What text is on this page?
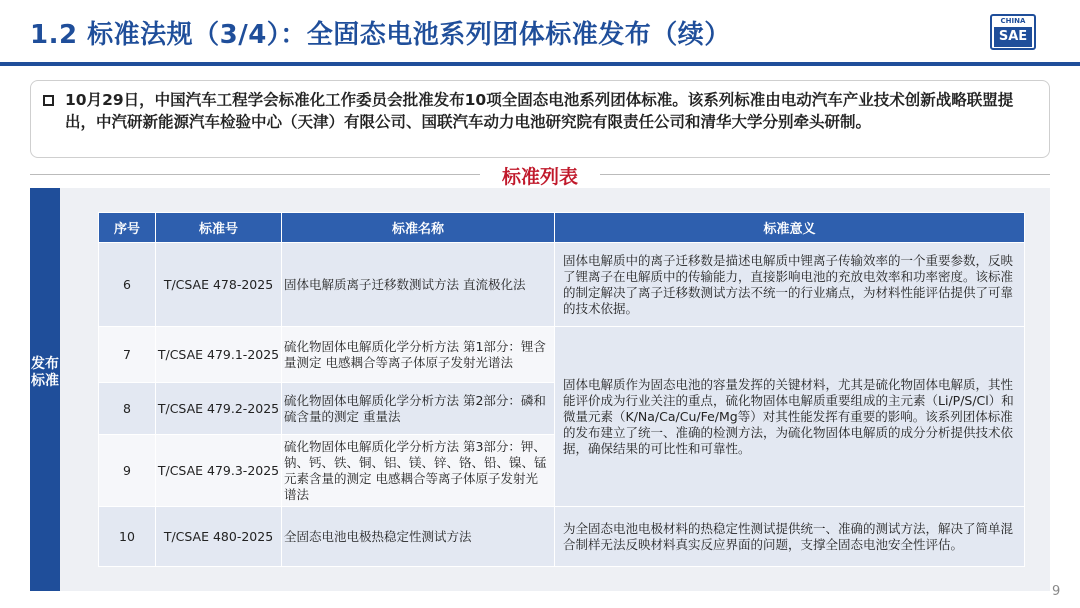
1.2 标准法规（3/4）：全固态电池系列团体标准发布（续）	CHINA
SAE
10月29日，中国汽车工程学会标准化工作委员会批准发布10项全固态电池系列团体标准。该系列标准由电动汽车产业技术创新战略联盟提出，中汽研新能源汽车检验中心（天津）有限公司、国联汽车动力电池研究院有限责任公司和清华大学分别牵头研制。
标准列表
发布标准
序号	标准号	标准名称	标准意义
6	T/CSAE 478-2025	固体电解质离子迁移数测试方法 直流极化法	固体电解质中的离子迁移数是描述电解质中锂离子传输效率的一个重要参数，反映了锂离子在电解质中的传输能力，直接影响电池的充放电效率和功率密度。该标准的制定解决了离子迁移数测试方法不统一的行业痛点，为材料性能评估提供了可靠的技术依据。
7	T/CSAE 479.1-2025	硫化物固体电解质化学分析方法 第1部分：锂含量测定 电感耦合等离子体原子发射光谱法	固体电解质作为固态电池的容量发挥的关键材料，尤其是硫化物固体电解质，其性能评价成为行业关注的重点，硫化物固体电解质重要组成的主元素（Li/P/S/Cl）和微量元素（K/Na/Ca/Cu/Fe/Mg等）对其性能发挥有重要的影响。该系列团体标准的发布建立了统一、准确的检测方法，为硫化物固体电解质的成分分析提供技术依据，确保结果的可比性和可靠性。
8	T/CSAE 479.2-2025	硫化物固体电解质化学分析方法 第2部分：磷和硫含量的测定 重量法	
9	T/CSAE 479.3-2025	硫化物固体电解质化学分析方法 第3部分：钾、钠、钙、铁、铜、铝、镁、锌、铬、铅、镍、锰元素含量的测定 电感耦合等离子体原子发射光谱法	
10	T/CSAE 480-2025	全固态电池电极热稳定性测试方法	为全固态电池电极材料的热稳定性测试提供统一、准确的测试方法，解决了简单混合制样无法反映材料真实反应界面的问题，支撑全固态电池安全性评估。
9
